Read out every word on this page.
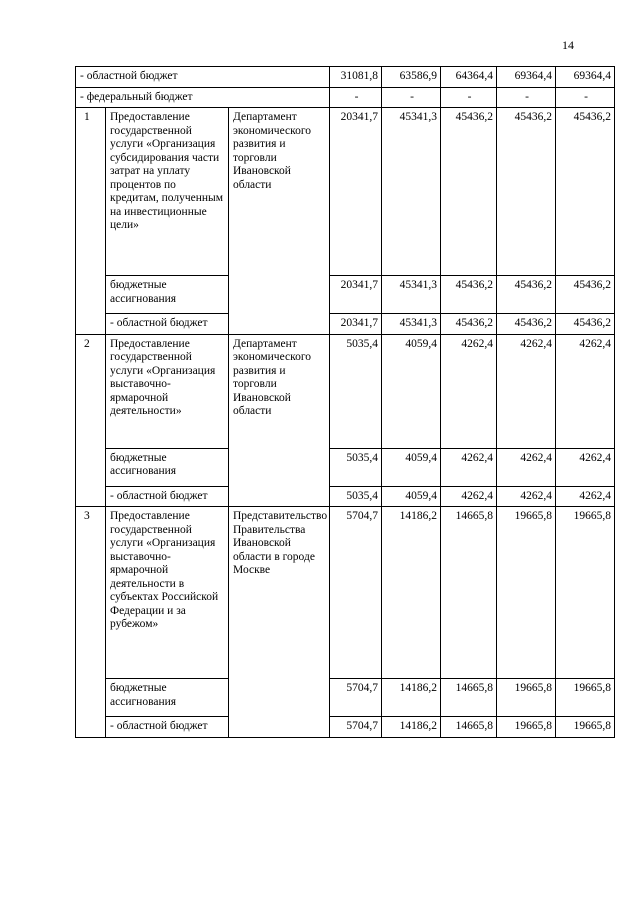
14
- областной бюджет			31081,8	63586,9	64364,4	69364,4	69364,4
- федеральный бюджет			-	-	-	-	-
1	Предоставление государственной услуги «Организация субсидирования части затрат на уплату процентов по кредитам, полученным на инвестиционные цели»	Департамент экономического развития и торговли Ивановской области	20341,7	45341,3	45436,2	45436,2	45436,2
	бюджетные ассигнования		20341,7	45341,3	45436,2	45436,2	45436,2
	- областной бюджет		20341,7	45341,3	45436,2	45436,2	45436,2
2	Предоставление государственной услуги «Организация выставочно-ярмарочной деятельности»	Департамент экономического развития и торговли Ивановской области	5035,4	4059,4	4262,4	4262,4	4262,4
	бюджетные ассигнования		5035,4	4059,4	4262,4	4262,4	4262,4
	- областной бюджет		5035,4	4059,4	4262,4	4262,4	4262,4
3	Предоставление государственной услуги «Организация выставочно-ярмарочной деятельности в субъектах Российской Федерации и за рубежом»	Представительство Правительства Ивановской области в городе Москве	5704,7	14186,2	14665,8	19665,8	19665,8
	бюджетные ассигнования		5704,7	14186,2	14665,8	19665,8	19665,8
	- областной бюджет		5704,7	14186,2	14665,8	19665,8	19665,8
